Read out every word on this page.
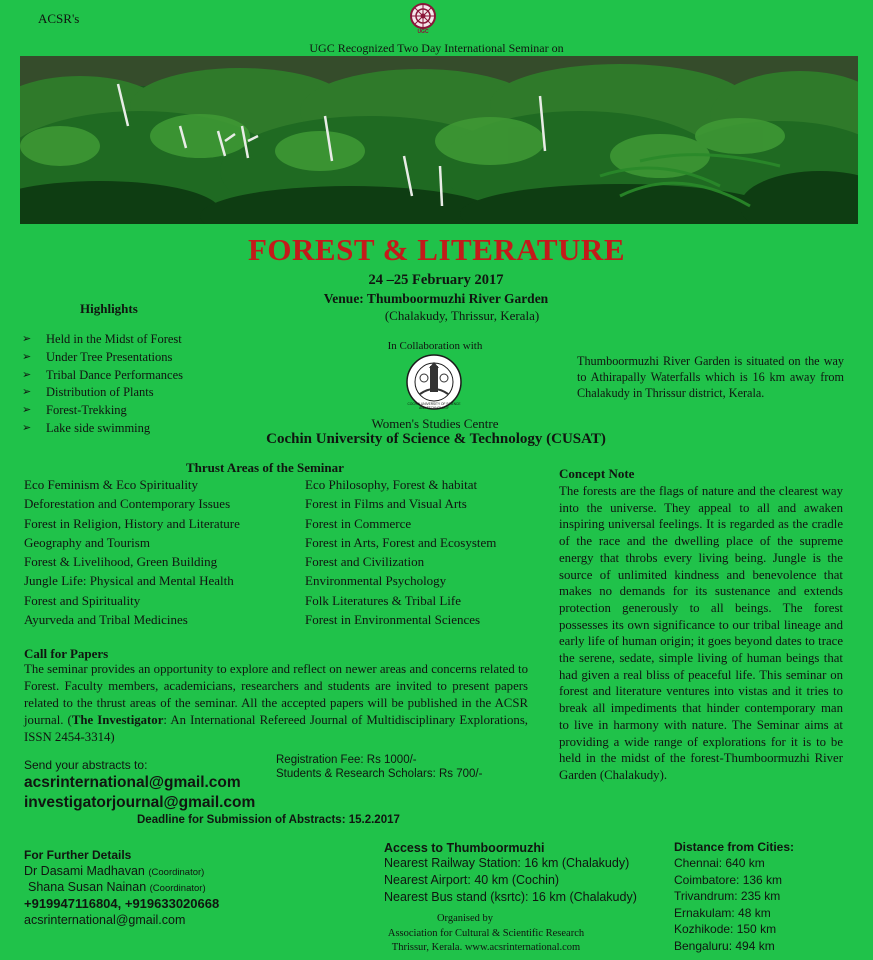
ACSR's
UGC
UGC Recognized Two Day International Seminar on
FOREST & LITERATURE
24 –25 February 2017
Venue: Thumboormuzhi River Garden
(Chalakudy, Thrissur, Kerala)
Highlights
➢ Held in the Midst of Forest
➢ Under Tree Presentations
➢ Tribal Dance Performances
➢ Distribution of Plants
➢ Forest-Trekking
➢ Lake side swimming
In Collaboration with
COCHIN UNIVERSITY OF SCIENCE AND TECHNOLOGY
Women's Studies Centre
Cochin University of Science & Technology (CUSAT)
Thumboormuzhi River Garden is situated on the way to Athirapally Waterfalls which is 16 km away from Chalakudy in Thrissur district, Kerala.
Thrust Areas of the Seminar
Eco Feminism & Eco Spirituality
Deforestation and Contemporary Issues
Forest in Religion, History and Literature
Geography and Tourism
Forest & Livelihood, Green Building
Jungle Life: Physical and Mental Health
Forest and Spirituality
Ayurveda and Tribal Medicines
Eco Philosophy, Forest & habitat
Forest in Films and Visual Arts
Forest in Commerce
Forest in Arts, Forest and Ecosystem
Forest and Civilization
Environmental Psychology
Folk Literatures & Tribal Life
Forest in Environmental Sciences
Concept Note
The forests are the flags of nature and the clearest way into the universe. They appeal to all and awaken inspiring universal feelings. It is regarded as the cradle of the race and the dwelling place of the supreme energy that throbs every living being. Jungle is the source of unlimited kindness and benevolence that makes no demands for its sustenance and extends protection generously to all beings. The forest possesses its own significance to our tribal lineage and early life of human origin; it goes beyond dates to trace the serene, sedate, simple living of human beings that had given a real bliss of peaceful life. This seminar on forest and literature ventures into vistas and it tries to break all impediments that hinder contemporary man to live in harmony with nature. The Seminar aims at providing a wide range of explorations for it is to be held in the midst of the forest-Thumboormuzhi River Garden (Chalakudy).
Call for Papers
The seminar provides an opportunity to explore and reflect on newer areas and concerns related to Forest. Faculty members, academicians, researchers and students are invited to present papers related to the thrust areas of the seminar. All the accepted papers will be published in the ACSR journal. (The Investigator: An International Refereed Journal of Multidisciplinary Explorations, ISSN 2454-3314)
Send your abstracts to:
acsrinternational@gmail.com
investigatorjournal@gmail.com
Deadline for Submission of Abstracts: 15.2.2017
Registration Fee: Rs 1000/-
Students & Research Scholars: Rs 700/-
For Further Details
Dr Dasami Madhavan (Coordinator)
Shana Susan Nainan (Coordinator)
+919947116804, +919633020668
acsrinternational@gmail.com
Access to Thumboormuzhi
Nearest Railway Station: 16 km (Chalakudy)
Nearest Airport: 40 km (Cochin)
Nearest Bus stand (ksrtc): 16 km (Chalakudy)
Organised by
Association for Cultural & Scientific Research
Thrissur, Kerala. www.acsrinternational.com
Distance from Cities:
Chennai: 640 km
Coimbatore: 136 km
Trivandrum: 235 km
Ernakulam: 48 km
Kozhikode: 150 km
Bengaluru: 494 km
